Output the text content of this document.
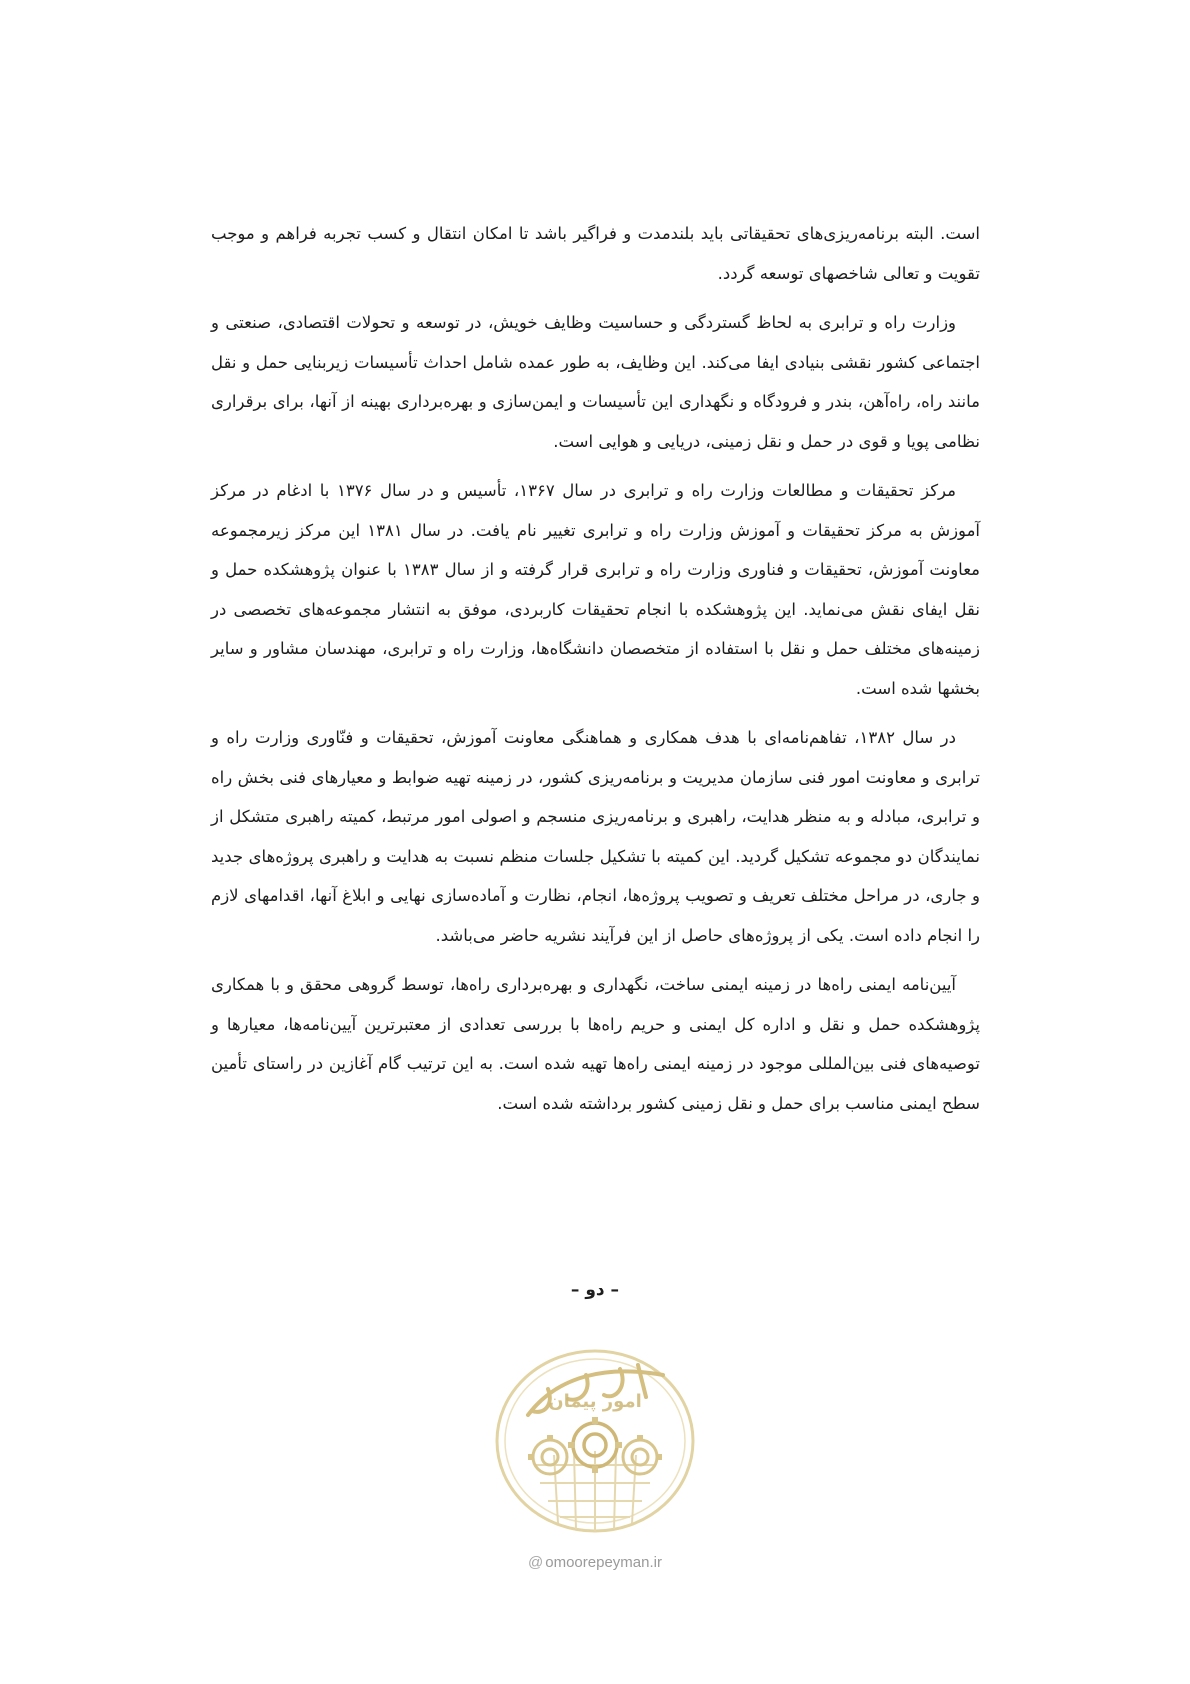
است. البته برنامه‌ریزی‌های تحقیقاتی باید بلندمدت و فراگیر باشد تا امکان انتقال و کسب تجربه فراهم و موجب تقویت و تعالی شاخصهای توسعه گردد.

وزارت راه و ترابری به لحاظ گستردگی و حساسیت وظایف خویش، در توسعه و تحولات اقتصادی، صنعتی و اجتماعی کشور نقشی بنیادی ایفا می‌کند. این وظایف، به طور عمده شامل احداث تأسیسات زیربنایی حمل و نقل مانند راه، راه‌آهن، بندر و فرودگاه و نگهداری این تأسیسات و ایمن‌سازی و بهره‌برداری بهینه از آنها، برای برقراری نظامی پویا و قوی در حمل و نقل زمینی، دریایی و هوایی است.

مرکز تحقیقات و مطالعات وزارت راه و ترابری در سال ۱۳۶۷، تأسیس و در سال ۱۳۷۶ با ادغام در مرکز آموزش به مرکز تحقیقات و آموزش وزارت راه و ترابری تغییر نام یافت. در سال ۱۳۸۱ این مرکز زیرمجموعه معاونت آموزش، تحقیقات و فناوری وزارت راه و ترابری قرار گرفته و از سال ۱۳۸۳ با عنوان پژوهشکده حمل و نقل ایفای نقش می‌نماید. این پژوهشکده با انجام تحقیقات کاربردی، موفق به انتشار مجموعه‌های تخصصی در زمینه‌های مختلف حمل و نقل با استفاده از متخصصان دانشگاه‌ها، وزارت راه و ترابری، مهندسان مشاور و سایر بخشها شده است.

در سال ۱۳۸۲، تفاهم‌نامه‌ای با هدف همکاری و هماهنگی معاونت آموزش، تحقیقات و فنّاوری وزارت راه و ترابری و معاونت امور فنی سازمان مدیریت و برنامه‌ریزی کشور، در زمینه تهیه ضوابط و معیارهای فنی بخش راه و ترابری، مبادله و به منظر هدایت، راهبری و برنامه‌ریزی منسجم و اصولی امور مرتبط، کمیته راهبری متشکل از نمایندگان دو مجموعه تشکیل گردید. این کمیته با تشکیل جلسات منظم نسبت به هدایت و راهبری پروژه‌های جدید و جاری، در مراحل مختلف تعریف و تصویب پروژه‌ها، انجام، نظارت و آماده‌سازی نهایی و ابلاغ آنها، اقدامهای لازم را انجام داده است. یکی از پروژه‌های حاصل از این فرآیند نشریه حاضر می‌باشد.

آیین‌نامه ایمنی راه‌ها در زمینه ایمنی ساخت، نگهداری و بهره‌برداری راه‌ها، توسط گروهی محقق و با همکاری پژوهشکده حمل و نقل و اداره کل ایمنی و حریم راه‌ها با بررسی تعدادی از معتبرترین آیین‌نامه‌ها، معیارها و توصیه‌های فنی بین‌المللی موجود در زمینه ایمنی راه‌ها تهیه شده است. به این ترتیب گام آغازین در راستای تأمین سطح ایمنی مناسب برای حمل و نقل زمینی کشور برداشته شده است.

– دو –
امور پیمان
@ omoorepeyman.ir
